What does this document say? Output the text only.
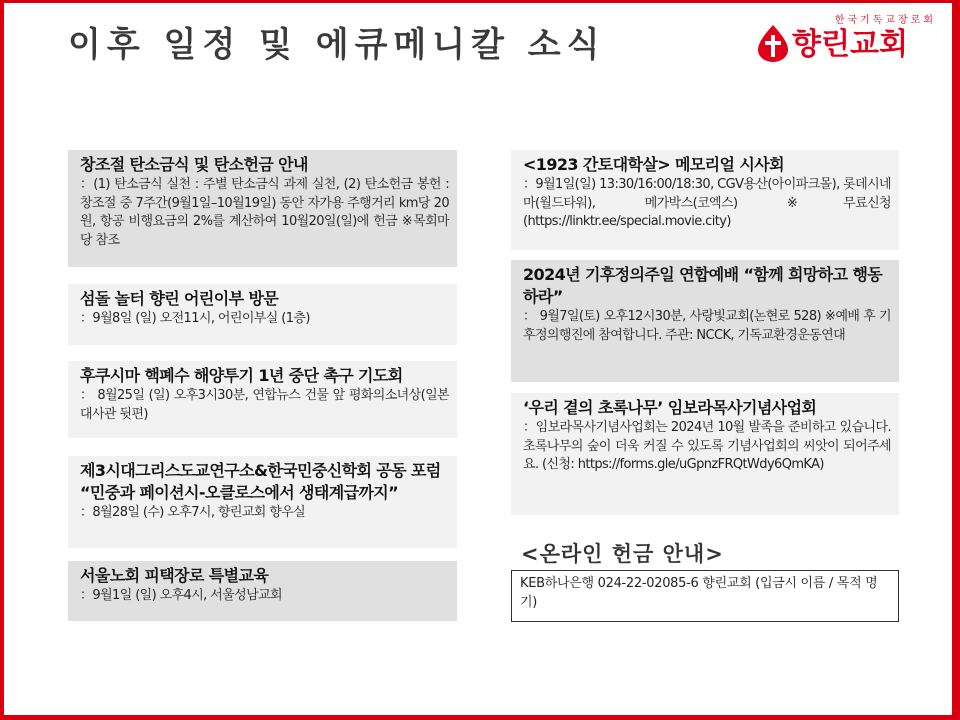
이후 일정 및 에큐메니칼 소식
한국기독교장로회
향린교회
창조절 탄소금식 및 탄소헌금 안내
：(1) 탄소금식 실천 : 주별 탄소금식 과제 실천, (2) 탄소헌금 봉헌 : 창조절 중 7주간(9월1일–10월19일) 동안 자가용 주행거리 km당 20원, 항공 비행요금의 2%를 계산하여 10월20일(일)에 헌금 ※목회마당 참조
섬돌 놀터 향린 어린이부 방문
：9월8일 (일) 오전11시, 어린이부실 (1층)
후쿠시마 핵폐수 해양투기 1년 중단 촉구 기도회
： 8월25일 (일) 오후3시30분, 연합뉴스 건물 앞 평화의소녀상(일본대사관 뒷편)
제3시대그리스도교연구소&한국민중신학회 공동 포럼 “민중과 페이션시-오클로스에서 생태계급까지”
：8월28일 (수) 오후7시, 향린교회 향우실
서울노회 피택장로 특별교육
：9월1일 (일) 오후4시, 서울성남교회
<1923 간토대학살> 메모리얼 시사회
：9월1일(일) 13:30/16:00/18:30, CGV용산(아이파크몰), 롯데시네마(월드타워), 메가박스(코엑스) ※무료신청(https://linktr.ee/special.movie.city)
2024년 기후정의주일 연합예배 “함께 희망하고 행동하라”
： 9월7일(토) 오후12시30분, 사랑빛교회(논현로 528) ※예배 후 기후정의행진에 참여합니다. 주관: NCCK, 기독교환경운동연대
‘우리 곁의 초록나무’ 임보라목사기념사업회
：임보라목사기념사업회는 2024년 10월 발족을 준비하고 있습니다. 초록나무의 숲이 더욱 커질 수 있도록 기념사업회의 씨앗이 되어주세요. (신청: https://forms.gle/uGpnzFRQtWdy6QmKA)
<온라인 헌금 안내>
KEB하나은행 024-22-02085-6 향린교회 (입금시 이름 / 목적 명기)
